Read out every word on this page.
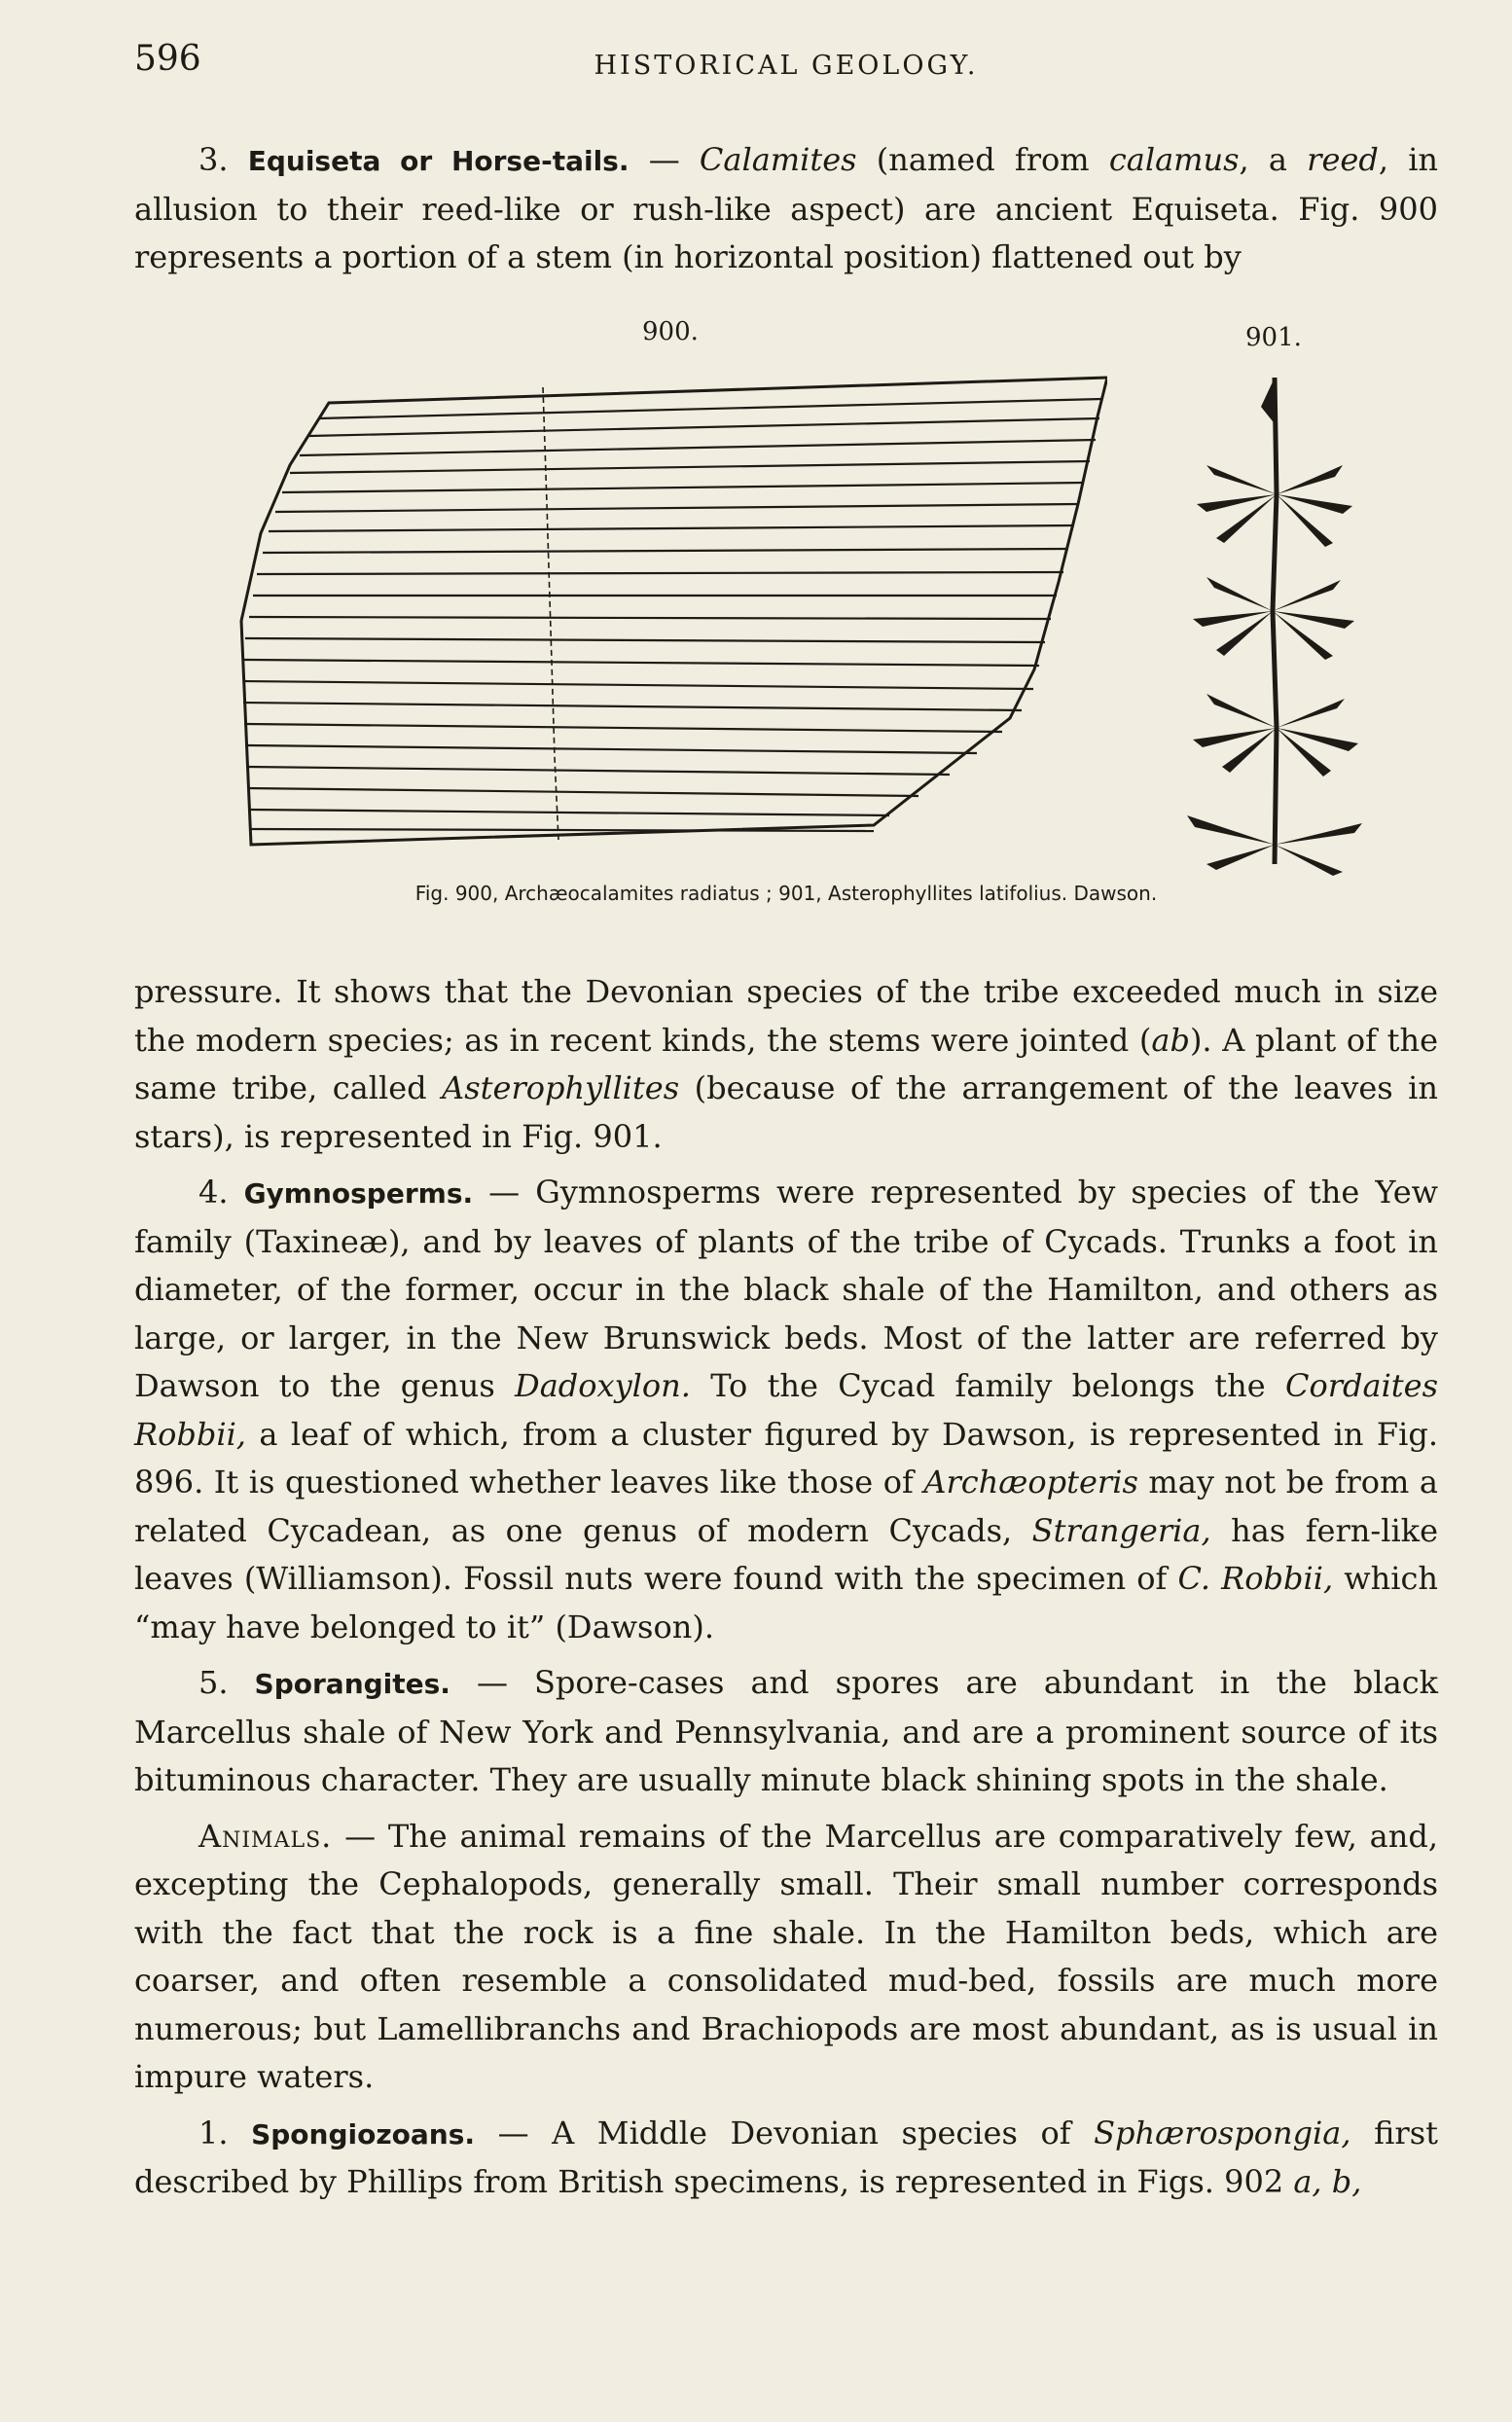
596	HISTORICAL GEOLOGY.

3. Equiseta or Horse-tails. — Calamites (named from calamus, a reed, in allusion to their reed-like or rush-like aspect) are ancient Equiseta. Fig. 900 represents a portion of a stem (in horizontal position) flattened out by

900.	901.
Fig. 900, Archæocalamites radiatus ; 901, Asterophyllites latifolius. Dawson.

pressure. It shows that the Devonian species of the tribe exceeded much in size the modern species; as in recent kinds, the stems were jointed (ab). A plant of the same tribe, called Asterophyllites (because of the arrangement of the leaves in stars), is represented in Fig. 901.

4. Gymnosperms. — Gymnosperms were represented by species of the Yew family (Taxineæ), and by leaves of plants of the tribe of Cycads. Trunks a foot in diameter, of the former, occur in the black shale of the Hamilton, and others as large, or larger, in the New Brunswick beds. Most of the latter are referred by Dawson to the genus Dadoxylon. To the Cycad family belongs the Cordaites Robbii, a leaf of which, from a cluster figured by Dawson, is represented in Fig. 896. It is questioned whether leaves like those of Archæopteris may not be from a related Cycadean, as one genus of modern Cycads, Strangeria, has fern-like leaves (Williamson). Fossil nuts were found with the specimen of C. Robbii, which “may have belonged to it” (Dawson).

5. Sporangites. — Spore-cases and spores are abundant in the black Marcellus shale of New York and Pennsylvania, and are a prominent source of its bituminous character. They are usually minute black shining spots in the shale.

Animals. — The animal remains of the Marcellus are comparatively few, and, excepting the Cephalopods, generally small. Their small number corresponds with the fact that the rock is a fine shale. In the Hamilton beds, which are coarser, and often resemble a consolidated mud-bed, fossils are much more numerous; but Lamellibranchs and Brachiopods are most abundant, as is usual in impure waters.

1. Spongiozoans. — A Middle Devonian species of Sphærospongia, first described by Phillips from British specimens, is represented in Figs. 902 a, b,
